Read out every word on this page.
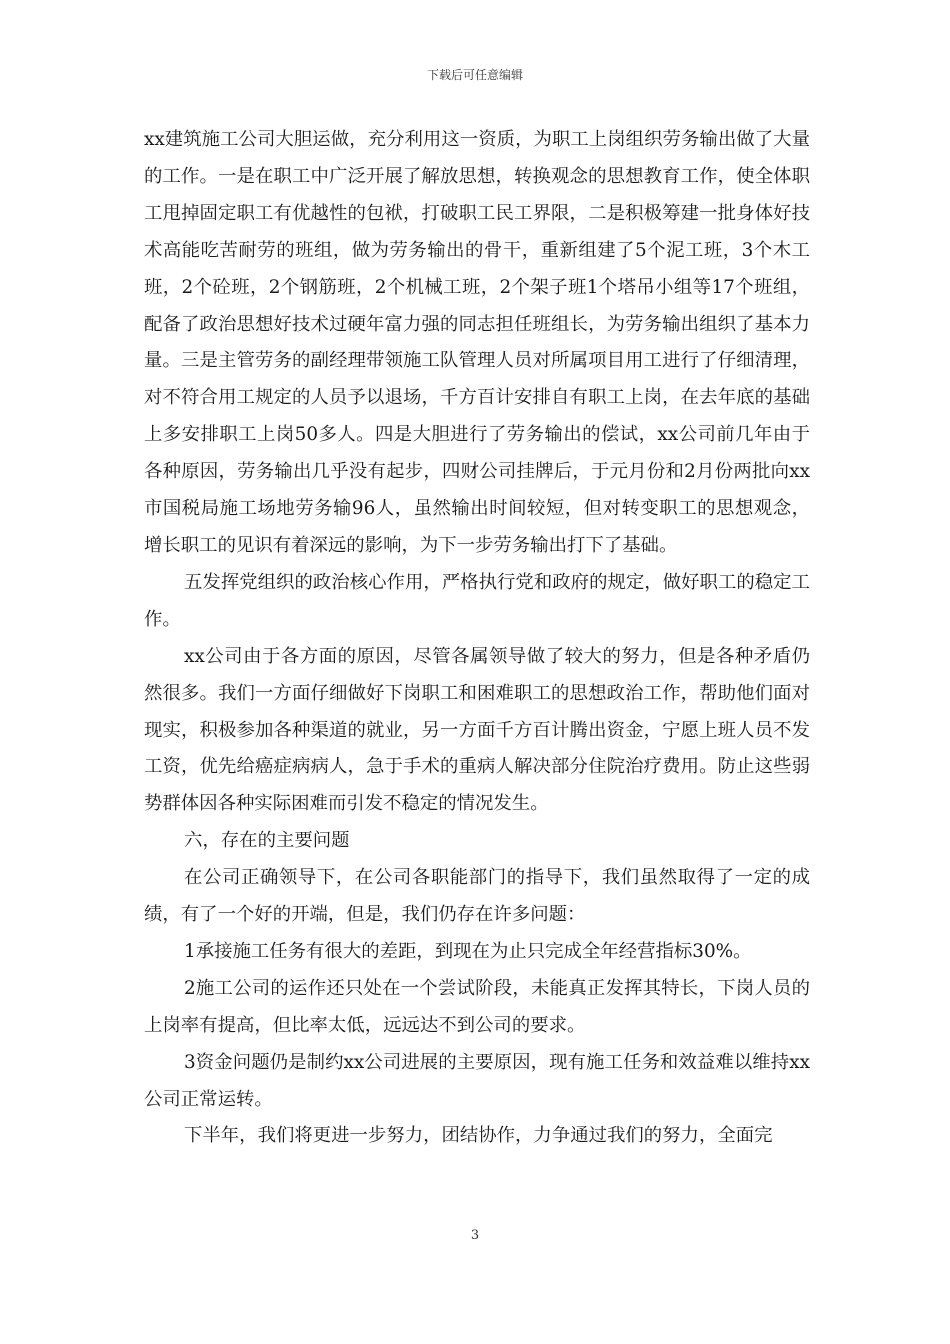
下载后可任意编辑

xx建筑施工公司大胆运做，充分利用这一资质，为职工上岗组织劳务输出做了大量的工作。一是在职工中广泛开展了解放思想，转换观念的思想教育工作，使全体职工甩掉固定职工有优越性的包袱，打破职工民工界限，二是积极筹建一批身体好技术高能吃苦耐劳的班组，做为劳务输出的骨干，重新组建了5个泥工班，3个木工班，2个砼班，2个钢筋班，2个机械工班，2个架子班1个塔吊小组等17个班组，配备了政治思想好技术过硬年富力强的同志担任班组长，为劳务输出组织了基本力量。三是主管劳务的副经理带领施工队管理人员对所属项目用工进行了仔细清理，对不符合用工规定的人员予以退场，千方百计安排自有职工上岗，在去年底的基础上多安排职工上岗50多人。四是大胆进行了劳务输出的偿试，xx公司前几年由于各种原因，劳务输出几乎没有起步，四财公司挂牌后，于元月份和2月份两批向xx市国税局施工场地劳务输96人，虽然输出时间较短，但对转变职工的思想观念，增长职工的见识有着深远的影响，为下一步劳务输出打下了基础。

五发挥党组织的政治核心作用，严格执行党和政府的规定，做好职工的稳定工作。

xx公司由于各方面的原因，尽管各属领导做了较大的努力，但是各种矛盾仍然很多。我们一方面仔细做好下岗职工和困难职工的思想政治工作，帮助他们面对现实，积极参加各种渠道的就业，另一方面千方百计腾出资金，宁愿上班人员不发工资，优先给癌症病病人，急于手术的重病人解决部分住院治疗费用。防止这些弱势群体因各种实际困难而引发不稳定的情况发生。

六，存在的主要问题

在公司正确领导下，在公司各职能部门的指导下，我们虽然取得了一定的成绩，有了一个好的开端，但是，我们仍存在许多问题：

1承接施工任务有很大的差距，到现在为止只完成全年经营指标30%。

2施工公司的运作还只处在一个尝试阶段，未能真正发挥其特长，下岗人员的上岗率有提高，但比率太低，远远达不到公司的要求。

3资金问题仍是制约xx公司进展的主要原因，现有施工任务和效益难以维持xx公司正常运转。

下半年，我们将更进一步努力，团结协作，力争通过我们的努力，全面完

3
